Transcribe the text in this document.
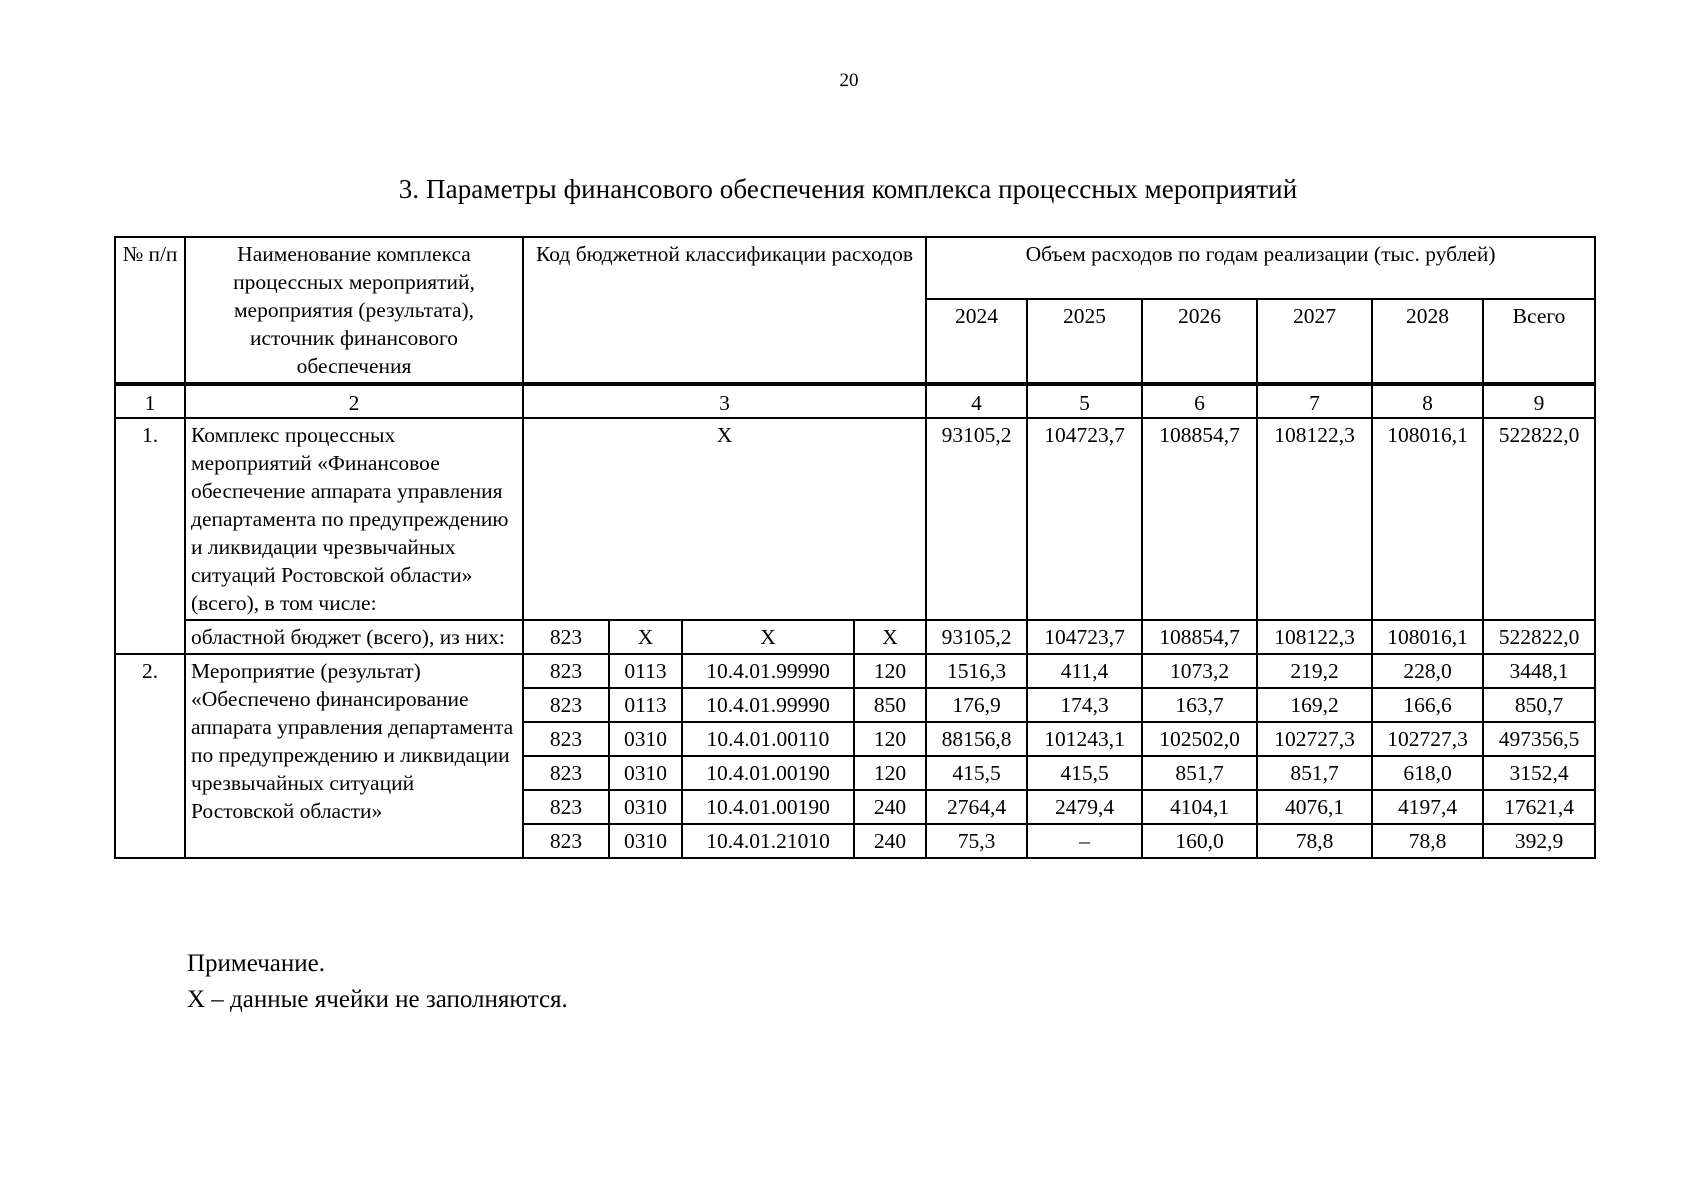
20
3. Параметры финансового обеспечения комплекса процессных мероприятий
№ п/п	Наименование комплекса процессных мероприятий, мероприятия (результата), источник финансового обеспечения	Код бюджетной классификации расходов				Объем расходов по годам реализации (тыс. рублей)					
						2024	2025	2026	2027	2028	Всего
1	2	3				4	5	6	7	8	9
1.	Комплекс процессных мероприятий «Финансовое обеспечение аппарата управления департамента по предупреждению и ликвидации чрезвычайных ситуаций Ростовской области» (всего), в том числе:	X				93105,2	104723,7	108854,7	108122,3	108016,1	522822,0
	областной бюджет (всего), из них:	823	X	X	X	93105,2	104723,7	108854,7	108122,3	108016,1	522822,0
2.	Мероприятие (результат) «Обеспечено финансирование аппарата управления департамента по предупреждению и ликвидации чрезвычайных ситуаций Ростовской области»	823	0113	10.4.01.99990	120	1516,3	411,4	1073,2	219,2	228,0	3448,1
		823	0113	10.4.01.99990	850	176,9	174,3	163,7	169,2	166,6	850,7
		823	0310	10.4.01.00110	120	88156,8	101243,1	102502,0	102727,3	102727,3	497356,5
		823	0310	10.4.01.00190	120	415,5	415,5	851,7	851,7	618,0	3152,4
		823	0310	10.4.01.00190	240	2764,4	2479,4	4104,1	4076,1	4197,4	17621,4
		823	0310	10.4.01.21010	240	75,3	–	160,0	78,8	78,8	392,9
Примечание.
X – данные ячейки не заполняются.
